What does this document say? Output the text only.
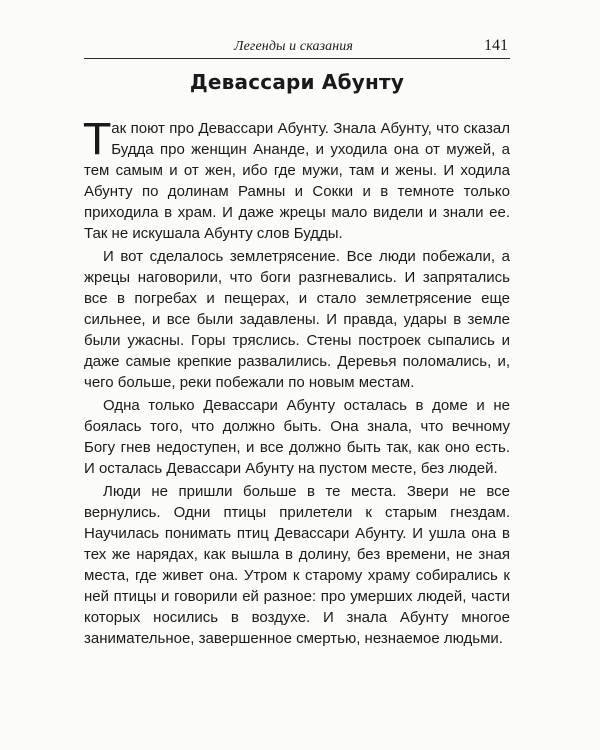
Легенды и сказания	141
Девассари Абунту

Так поют про Девассари Абунту. Знала Абунту, что сказал Будда про женщин Ананде, и уходила она от мужей, а тем самым и от жен, ибо где мужи, там и жены. И ходила Абунту по долинам Рамны и Сокки и в темноте только приходила в храм. И даже жрецы мало видели и знали ее. Так не искушала Абунту слов Будды.

И вот сделалось землетрясение. Все люди побежали, а жрецы наговорили, что боги разгневались. И запрятались все в погребах и пещерах, и стало землетрясение еще сильнее, и все были задавлены. И правда, удары в земле были ужасны. Горы тряслись. Стены построек сыпались и даже самые крепкие развалились. Деревья поломались, и, чего больше, реки побежали по новым местам.

Одна только Девассари Абунту осталась в доме и не боялась того, что должно быть. Она знала, что вечному Богу гнев недоступен, и все должно быть так, как оно есть. И осталась Девассари Абунту на пустом месте, без людей.

Люди не пришли больше в те места. Звери не все вернулись. Одни птицы прилетели к старым гнездам. Научилась понимать птиц Девассари Абунту. И ушла она в тех же нарядах, как вышла в долину, без времени, не зная места, где живет она. Утром к старому храму собирались к ней птицы и говорили ей разное: про умерших людей, части которых носились в воздухе. И знала Абунту многое занимательное, завершенное смертью, незнаемое людьми.
